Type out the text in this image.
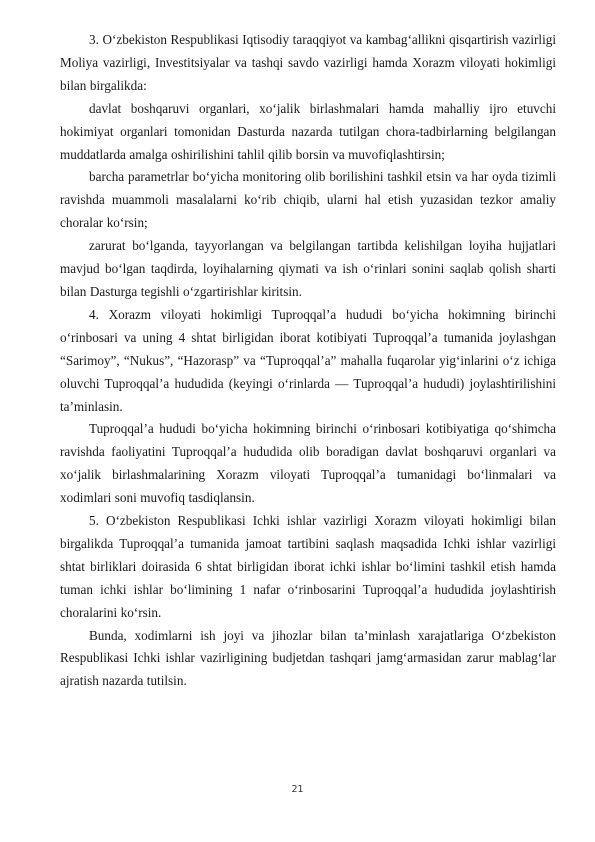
3. O‘zbekiston Respublikasi Iqtisodiy taraqqiyot va kambag‘allikni qisqartirish vazirligi Moliya vazirligi, Investitsiyalar va tashqi savdo vazirligi hamda Xorazm viloyati hokimligi bilan birgalikda:

davlat boshqaruvi organlari, xo‘jalik birlashmalari hamda mahalliy ijro etuvchi hokimiyat organlari tomonidan Dasturda nazarda tutilgan chora-tadbirlarning belgilangan muddatlarda amalga oshirilishini tahlil qilib borsin va muvofiqlashtirsin;

barcha parametrlar bo‘yicha monitoring olib borilishini tashkil etsin va har oyda tizimli ravishda muammoli masalalarni ko‘rib chiqib, ularni hal etish yuzasidan tezkor amaliy choralar ko‘rsin;

zarurat bo‘lganda, tayyorlangan va belgilangan tartibda kelishilgan loyiha hujjatlari mavjud bo‘lgan taqdirda, loyihalarning qiymati va ish o‘rinlari sonini saqlab qolish sharti bilan Dasturga tegishli o‘zgartirishlar kiritsin.

4. Xorazm viloyati hokimligi Tuproqqal’a hududi bo‘yicha hokimning birinchi o‘rinbosari va uning 4 shtat birligidan iborat kotibiyati Tuproqqal’a tumanida joylashgan “Sarimoy”, “Nukus”, “Hazorasp” va “Tuproqqal’a” mahalla fuqarolar yig‘inlarini o‘z ichiga oluvchi Tuproqqal’a hududida (keyingi o‘rinlarda — Tuproqqal’a hududi) joylashtirilishini ta’minlasin.

Tuproqqal’a hududi bo‘yicha hokimning birinchi o‘rinbosari kotibiyatiga qo‘shimcha ravishda faoliyatini Tuproqqal’a hududida olib boradigan davlat boshqaruvi organlari va xo‘jalik birlashmalarining Xorazm viloyati Tuproqqal’a tumanidagi bo‘linmalari va xodimlari soni muvofiq tasdiqlansin.

5. O‘zbekiston Respublikasi Ichki ishlar vazirligi Xorazm viloyati hokimligi bilan birgalikda Tuproqqal’a tumanida jamoat tartibini saqlash maqsadida Ichki ishlar vazirligi shtat birliklari doirasida 6 shtat birligidan iborat ichki ishlar bo‘limini tashkil etish hamda tuman ichki ishlar bo‘limining 1 nafar o‘rinbosarini Tuproqqal’a hududida joylashtirish choralarini ko‘rsin.

Bunda, xodimlarni ish joyi va jihozlar bilan ta’minlash xarajatlariga O‘zbekiston Respublikasi Ichki ishlar vazirligining budjetdan tashqari jamg‘armasidan zarur mablag‘lar ajratish nazarda tutilsin.

21
